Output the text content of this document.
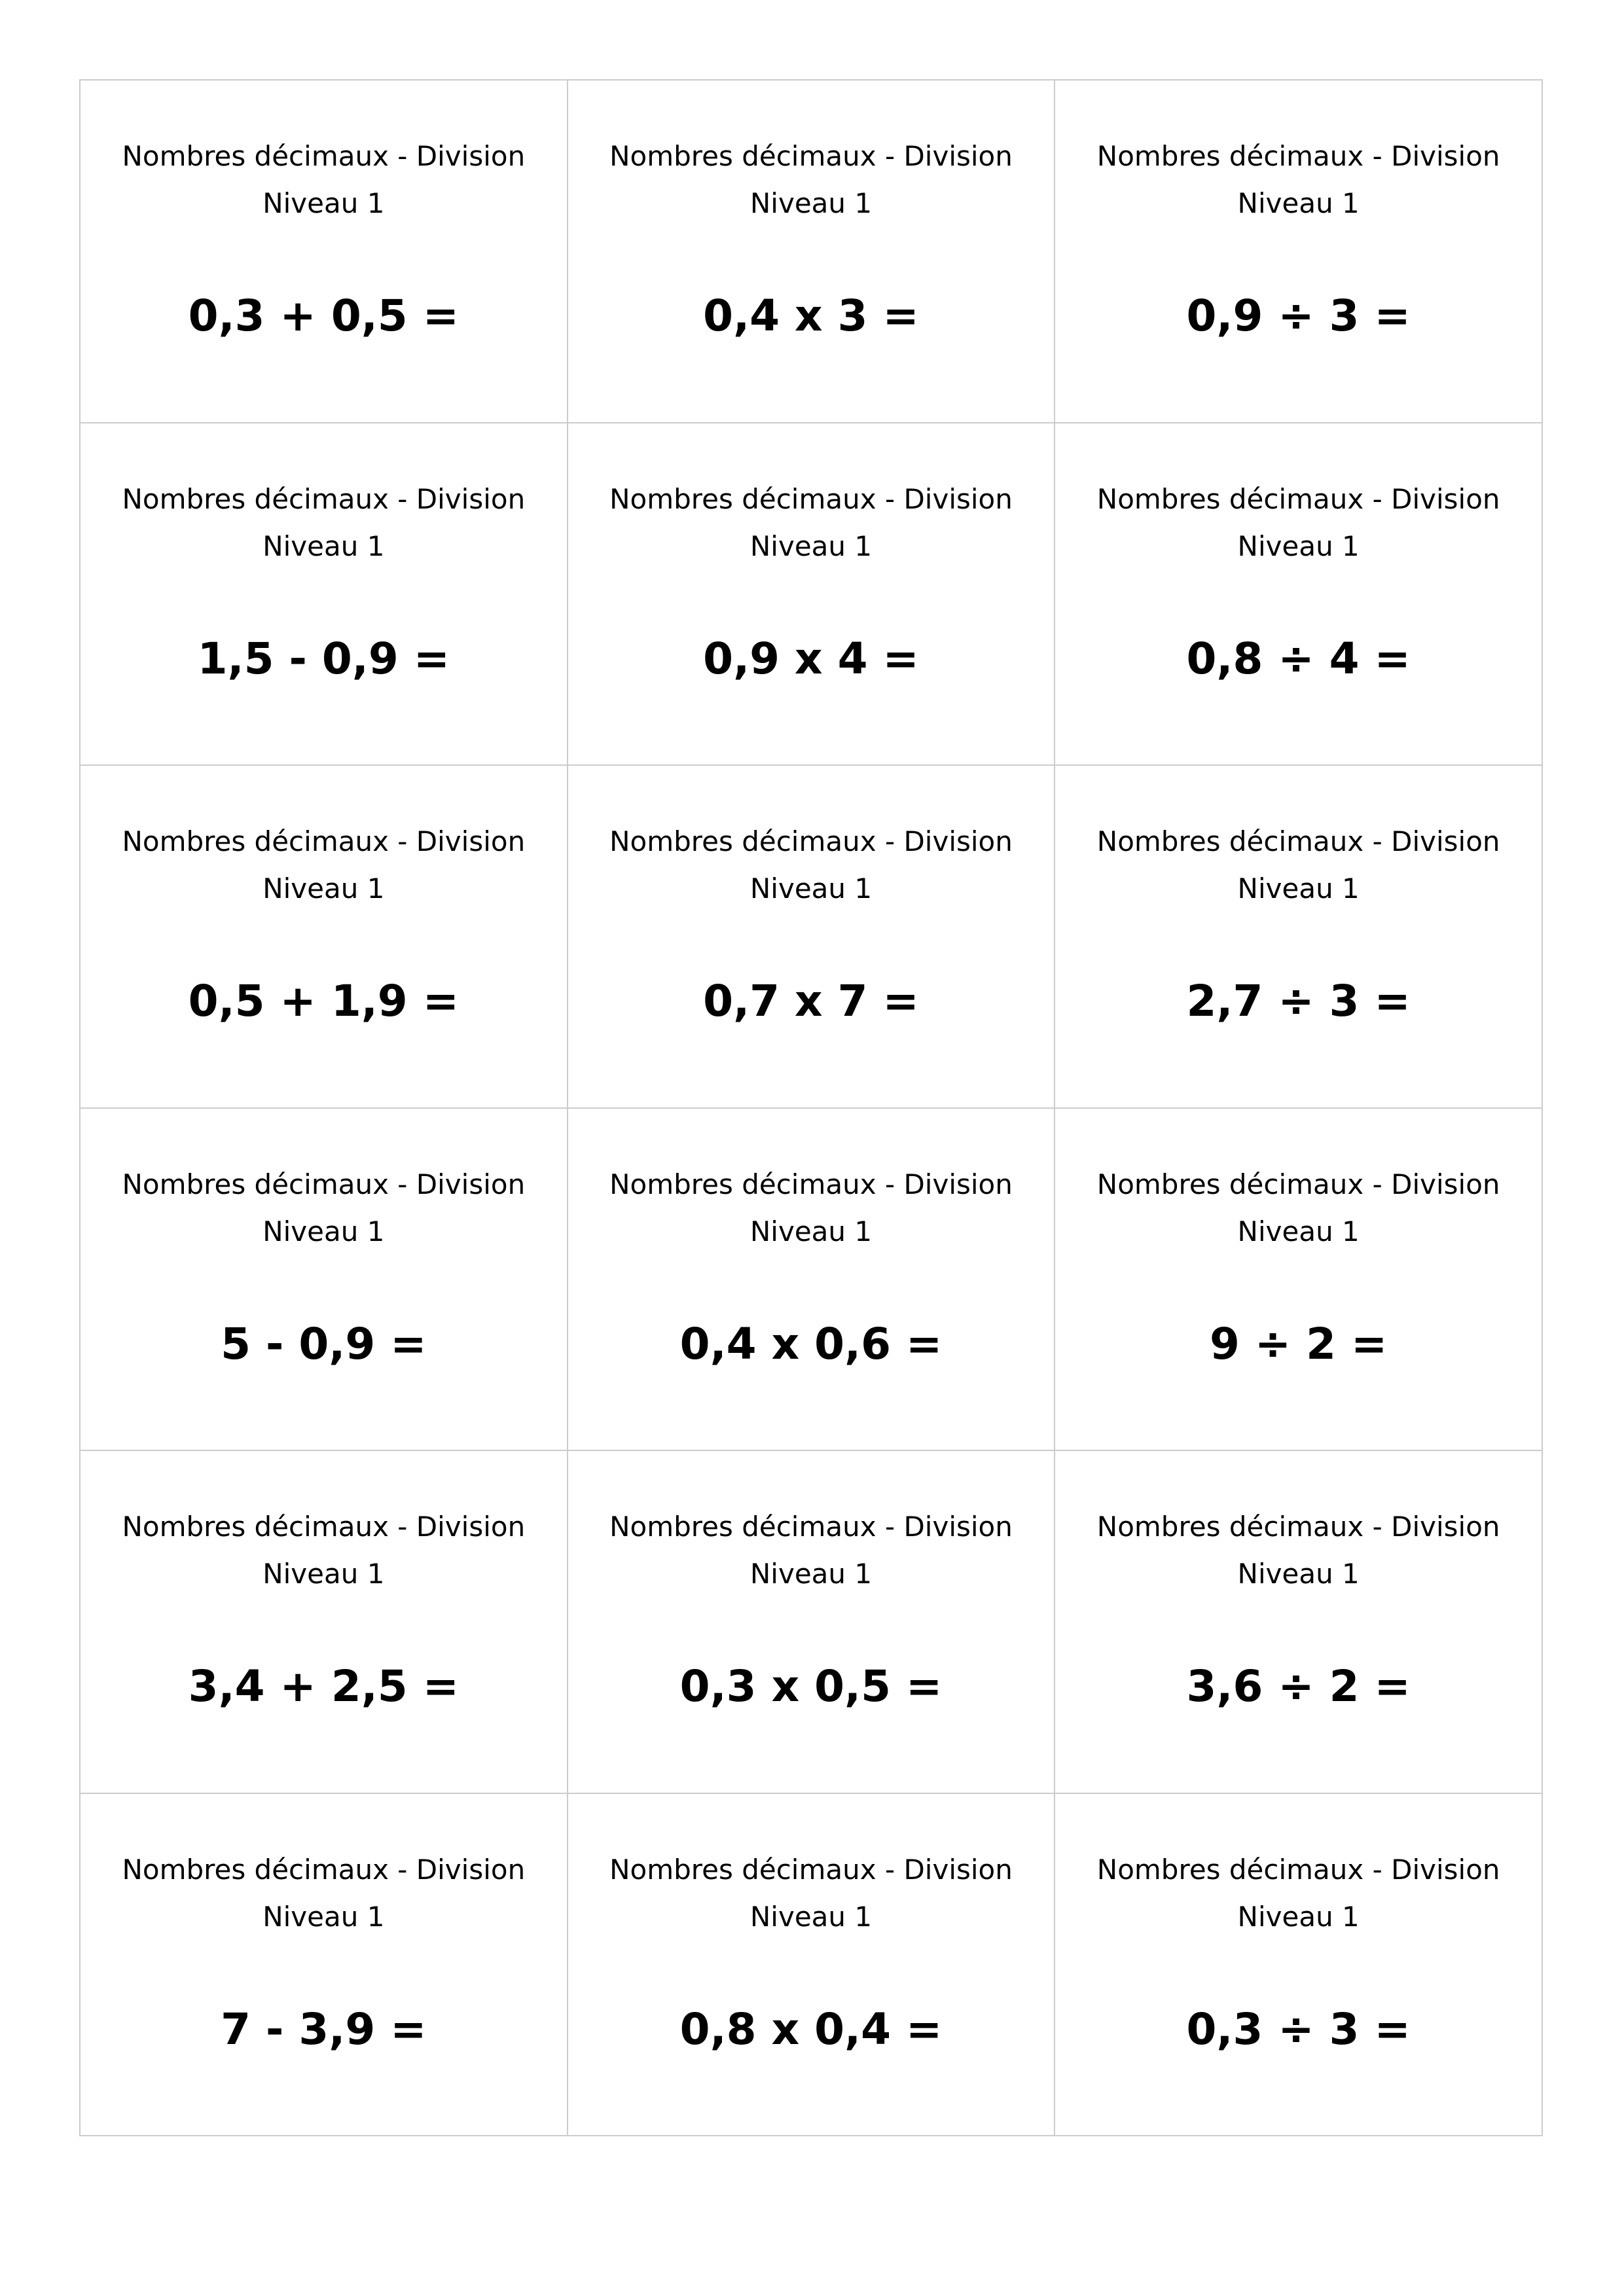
Nombres décimaux - Division
Niveau 1
0,3 + 0,5 =
Nombres décimaux - Division
Niveau 1
0,4 x 3 =
Nombres décimaux - Division
Niveau 1
0,9 ÷ 3 =
Nombres décimaux - Division
Niveau 1
1,5 - 0,9 =
Nombres décimaux - Division
Niveau 1
0,9 x 4 =
Nombres décimaux - Division
Niveau 1
0,8 ÷ 4 =
Nombres décimaux - Division
Niveau 1
0,5 + 1,9 =
Nombres décimaux - Division
Niveau 1
0,7 x 7 =
Nombres décimaux - Division
Niveau 1
2,7 ÷ 3 =
Nombres décimaux - Division
Niveau 1
5 - 0,9 =
Nombres décimaux - Division
Niveau 1
0,4 x 0,6 =
Nombres décimaux - Division
Niveau 1
9 ÷ 2 =
Nombres décimaux - Division
Niveau 1
3,4 + 2,5 =
Nombres décimaux - Division
Niveau 1
0,3 x 0,5 =
Nombres décimaux - Division
Niveau 1
3,6 ÷ 2 =
Nombres décimaux - Division
Niveau 1
7 - 3,9 =
Nombres décimaux - Division
Niveau 1
0,8 x 0,4 =
Nombres décimaux - Division
Niveau 1
0,3 ÷ 3 =
